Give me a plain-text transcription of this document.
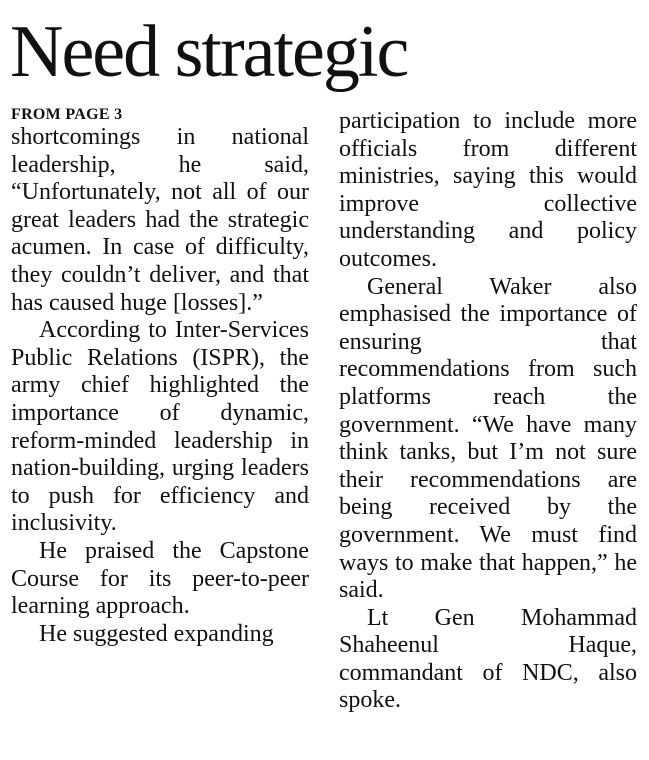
Need strategic
FROM PAGE 3

shortcomings in national leadership, he said, “Unfortunately, not all of our great leaders had the strategic acumen. In case of difficulty, they couldn’t deliver, and that has caused huge [losses].”

According to Inter-Services Public Relations (ISPR), the army chief highlighted the importance of dynamic, reform-minded leadership in nation-building, urging leaders to push for efficiency and inclusivity.

He praised the Capstone Course for its peer-to-peer learning approach.

He suggested expanding

participation to include more officials from different ministries, saying this would improve collective understanding and policy outcomes.

General Waker also emphasised the importance of ensuring that recommendations from such platforms reach the government. “We have many think tanks, but I’m not sure their recommendations are being received by the government. We must find ways to make that happen,” he said.

Lt Gen Mohammad Shaheenul Haque, commandant of NDC, also spoke.
